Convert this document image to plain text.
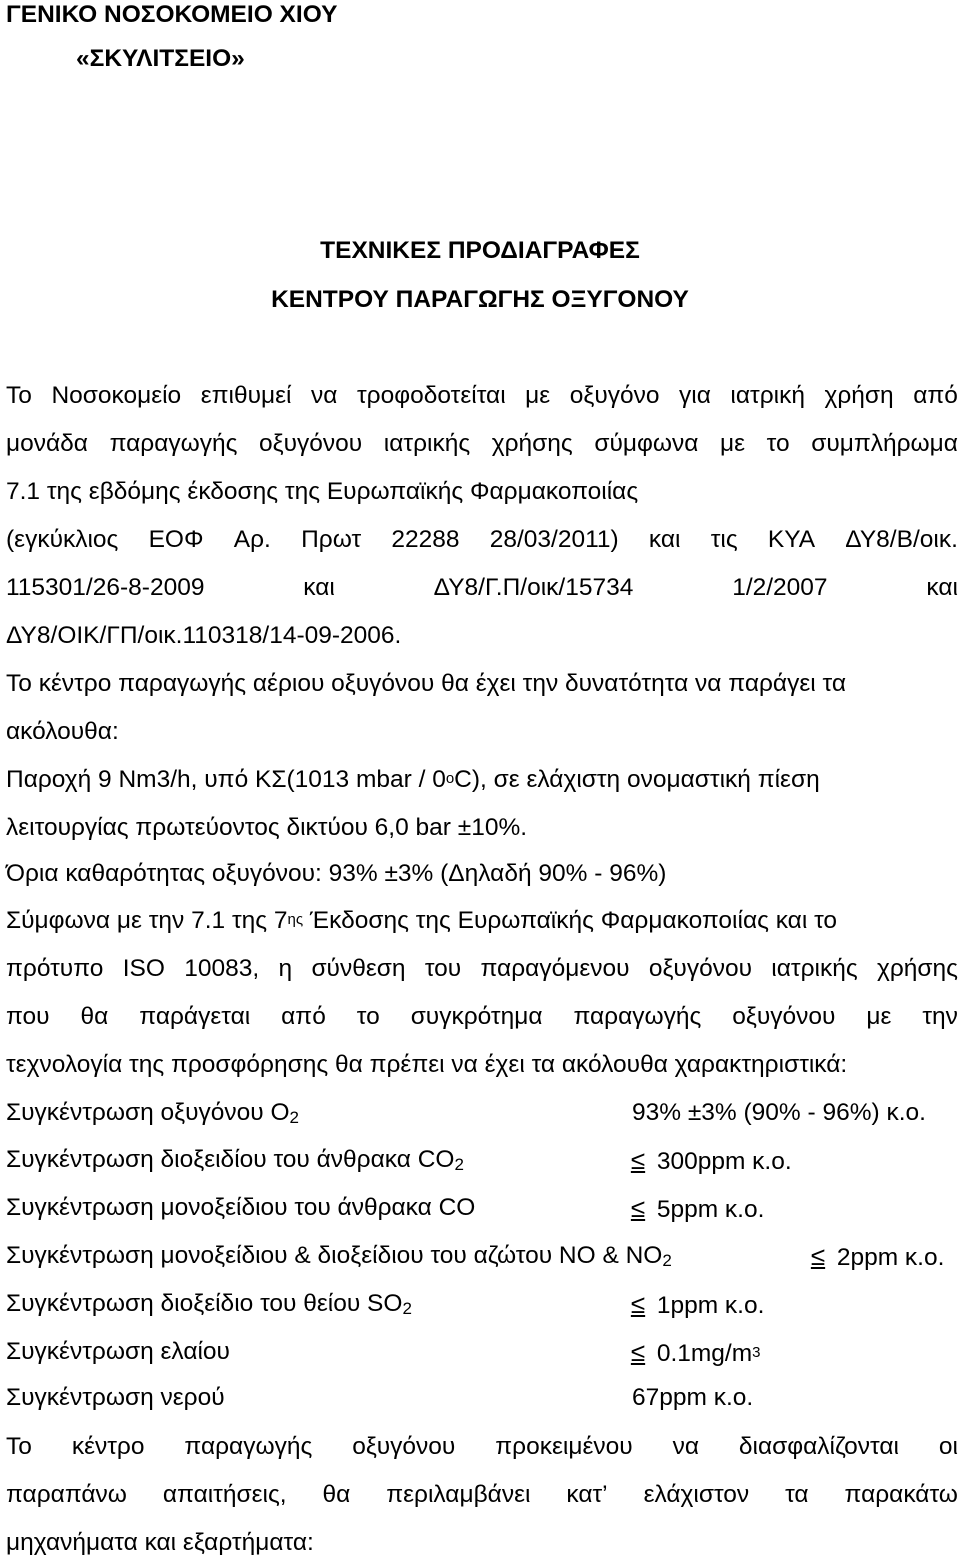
ΓΕΝΙΚΟ ΝΟΣΟΚΟΜΕΙΟ ΧΙΟΥ
«ΣΚΥΛΙΤΣΕΙΟ»
ΤΕΧΝΙΚΕΣ ΠΡΟΔΙΑΓΡΑΦΕΣ
ΚΕΝΤΡΟΥ ΠΑΡΑΓΩΓΗΣ ΟΞΥΓΟΝΟΥ
Το Νοσοκομείο επιθυμεί να τροφοδοτείται με οξυγόνο για ιατρική χρήση από
μονάδα παραγωγής οξυγόνου ιατρικής χρήσης σύμφωνα με το συμπλήρωμα
7.1 της εβδόμης έκδοσης της Ευρωπαϊκής Φαρμακοποιίας
(εγκύκλιος ΕΟΦ Αρ. Πρωτ 22288 28/03/2011) και τις ΚΥΑ ΔΥ8/Β/οικ.
115301/26-8-2009	και	ΔΥ8/Γ.Π/οικ/15734	1/2/2007	και
ΔΥ8/ΟΙΚ/ΓΠ/οικ.110318/14-09-2006.
Το κέντρο παραγωγής αέριου οξυγόνου θα έχει την δυνατότητα να παράγει τα
ακόλουθα:
Παροχή 9 Nm3/h, υπό ΚΣ(1013 mbar / 0$^o$C), σε ελάχιστη ονομαστική πίεση
λειτουργίας πρωτεύοντος δικτύου 6,0 bar ±10%.
Όρια καθαρότητας οξυγόνου: 93% ±3% (Δηλαδή 90% - 96%)
Σύμφωνα με την 7.1 της $7^{\eta\varsigma}$ Έκδοσης της Ευρωπαϊκής Φαρμακοποιίας και το
πρότυπο ISO 10083, η σύνθεση του παραγόμενου οξυγόνου ιατρικής χρήσης
που θα παράγεται από το συγκρότημα παραγωγής οξυγόνου με την
τεχνολογία της προσφόρησης θα πρέπει να έχει τα ακόλουθα χαρακτηριστικά:
Συγκέντρωση οξυγόνου $O_2$	93% ±3% (90% - 96%) κ.ο.
Συγκέντρωση διοξειδίου του άνθρακα $CO_2$	≤ 300ppm κ.ο.
Συγκέντρωση μονοξείδιου του άνθρακα CO	≤ 5ppm κ.ο.
Συγκέντρωση μονοξείδιου & διοξείδιου του αζώτου NO & $NO_2$	≤ 2ppm κ.ο.
Συγκέντρωση διοξείδιο του θείου $SO_2$	≤ 1ppm κ.ο.
Συγκέντρωση ελαίου	≤ $0.1mg/m^3$
Συγκέντρωση νερού	67ppm κ.ο.
Το κέντρο παραγωγής οξυγόνου προκειμένου να διασφαλίζονται οι
παραπάνω απαιτήσεις, θα περιλαμβάνει κατ’ ελάχιστον τα παρακάτω
μηχανήματα και εξαρτήματα:
